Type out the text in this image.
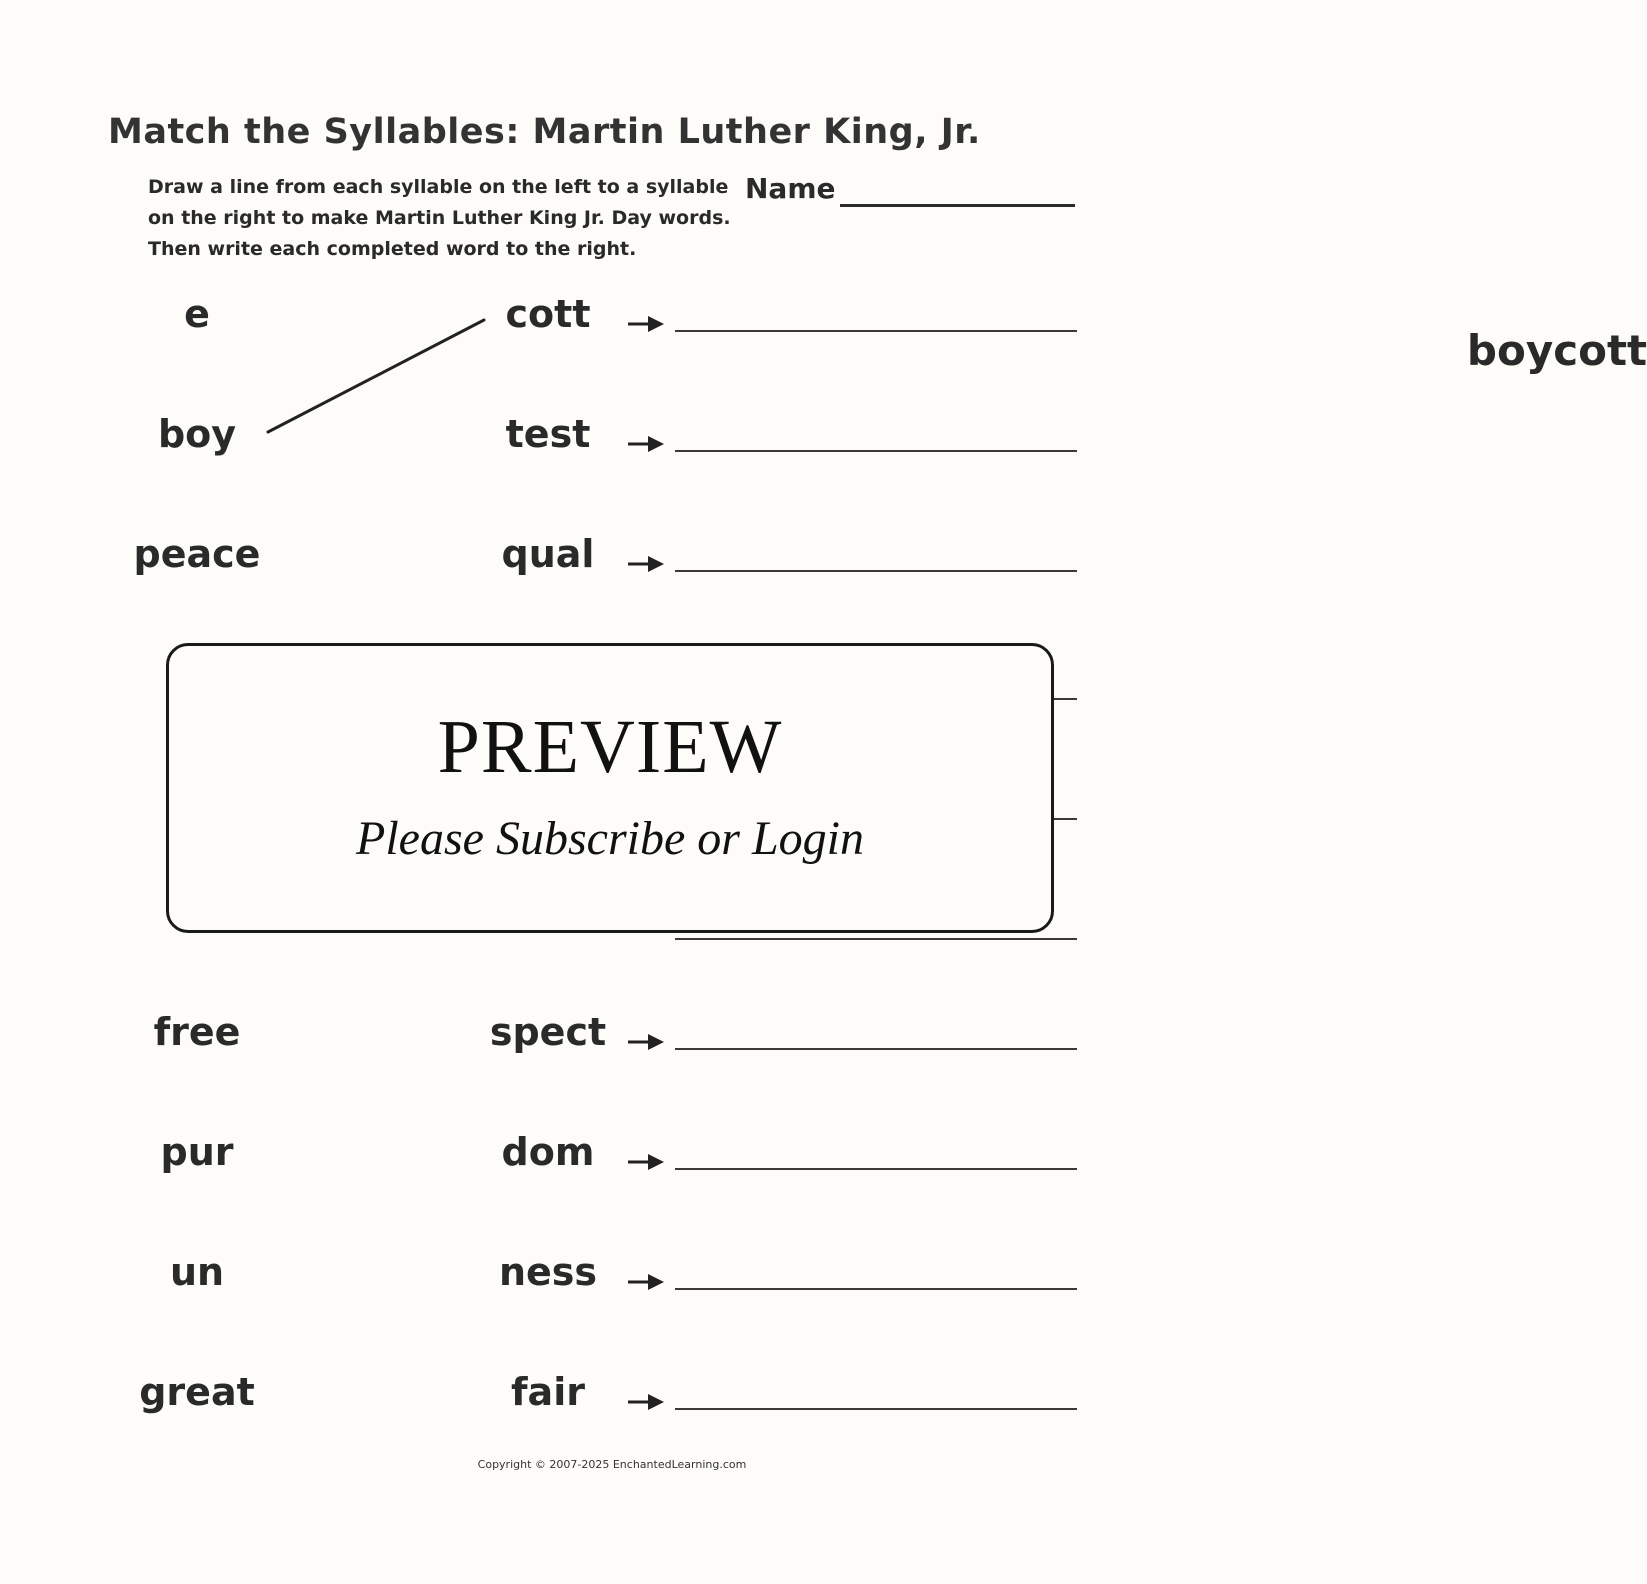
Match the Syllables: Martin Luther King, Jr.
Draw a line from each syllable on the left to a syllable on the right to make Martin Luther King Jr. Day words. Then write each completed word to the right.
Name
e	cott
boycott
boy	test
peace	qual
free	spect
pur	dom
un	ness
great	fair
PREVIEW
Please Subscribe or Login
Copyright © 2007-2025 EnchantedLearning.com
